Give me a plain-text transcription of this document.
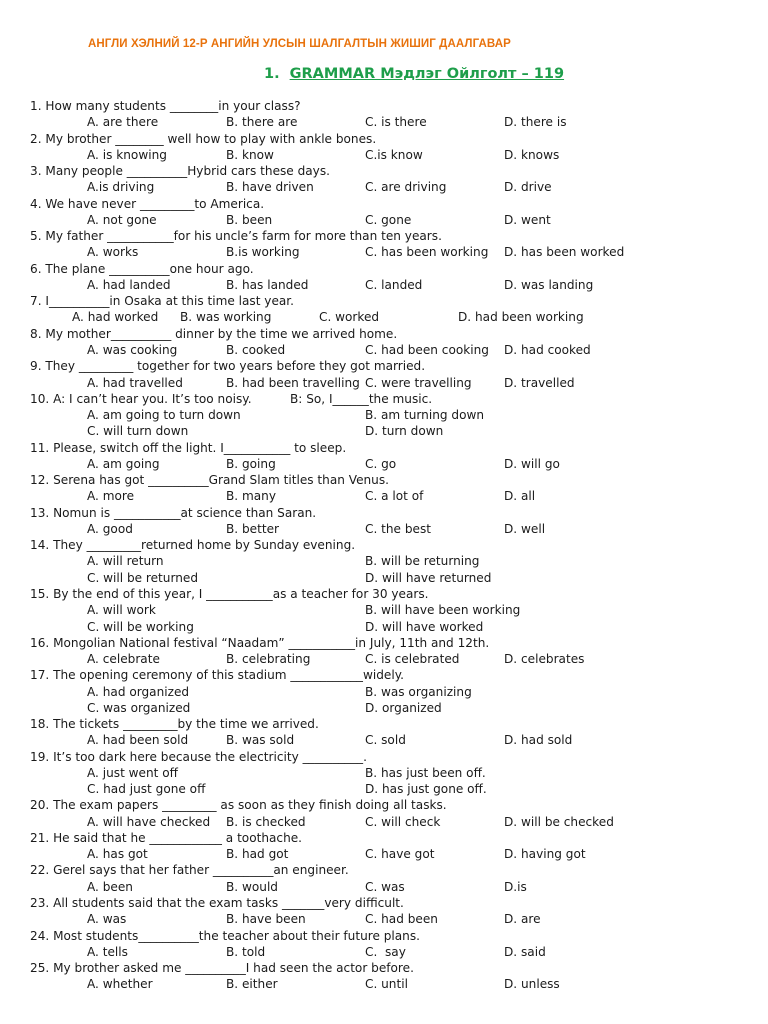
АНГЛИ ХЭЛНИЙ 12-Р АНГИЙН УЛСЫН ШАЛГАЛТЫН ЖИШИГ ДААЛГАВАР
1. GRAMMAR Мэдлэг Ойлголт – 119
1. How many students ________in your class?
A. are there	B. there are	C. is there	D. there is
2. My brother ________ well how to play with ankle bones.
A. is knowing	B. know	C.is know	D. knows
3. Many people __________Hybrid cars these days.
A.is driving	B. have driven	C. are driving	D. drive
4. We have never _________to America.
A. not gone	B. been	C. gone	D. went
5. My father ___________for his uncle’s farm for more than ten years.
A. works	B.is working	C. has been working D. has been worked
6. The plane __________one hour ago.
A. had landed	B. has landed	C. landed	D. was landing
7. I__________in Osaka at this time last year.
A. had worked B. was working	C. worked	D. had been working
8. My mother__________ dinner by the time we arrived home.
A. was cooking	B. cooked	C. had been cooking D. had cooked
9. They _________ together for two years before they got married.
A. had travelled	B. had been travelling C. were travelling	D. travelled
10. A: I can’t hear you. It’s too noisy.          B: So, I______the music.
A. am going to turn down	B. am turning down
C. will turn down	D. turn down
11. Please, switch off the light. I___________ to sleep.
A. am going	B. going	C. go	D. will go
12. Serena has got __________Grand Slam titles than Venus.
A. more	B. many	C. a lot of	D. all
13. Nomun is ___________at science than Saran.
A. good	B. better	C. the best	D. well
14. They _________returned home by Sunday evening.
A. will return	B. will be returning
C. will be returned	D. will have returned
15. By the end of this year, I ___________as a teacher for 30 years.
A. will work	B. will have been working
C. will be working	D. will have worked
16. Mongolian National festival “Naadam” ___________in July, 11th and 12th.
A. celebrate	B. celebrating	C. is celebrated	D. celebrates
17. The opening ceremony of this stadium ____________widely.
A. had organized	B. was organizing
C. was organized	D. organized
18. The tickets _________by the time we arrived.
A. had been sold	B. was sold	C. sold	D. had sold
19. It’s too dark here because the electricity __________.
A. just went off	B. has just been off.
C. had just gone off	D. has just gone off.
20. The exam papers _________ as soon as they finish doing all tasks.
A. will have checked B. is checked	C. will check	D. will be checked
21. He said that he ____________ a toothache.
A. has got	B. had got	C. have got	D. having got
22. Gerel says that her father __________an engineer.
A. been	B. would	C. was	D.is
23. All students said that the exam tasks _______very difficult.
A. was	B. have been	C. had been	D. are
24. Most students__________the teacher about their future plans.
A. tells	B. told	C.  say	D. said
25. My brother asked me __________I had seen the actor before.
A. whether	B. either	C. until	D. unless
